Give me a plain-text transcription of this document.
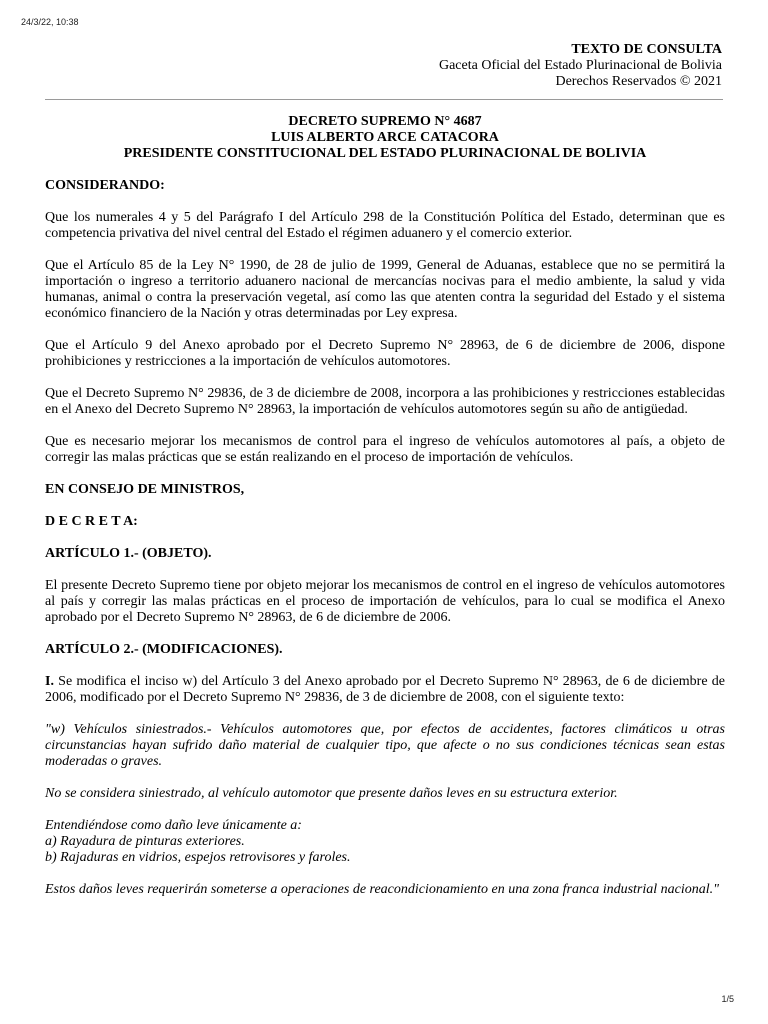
24/3/22, 10:38
TEXTO DE CONSULTA
Gaceta Oficial del Estado Plurinacional de Bolivia
Derechos Reservados © 2021
DECRETO SUPREMO N° 4687
LUIS ALBERTO ARCE CATACORA
PRESIDENTE CONSTITUCIONAL DEL ESTADO PLURINACIONAL DE BOLIVIA

CONSIDERANDO:

Que los numerales 4 y 5 del Parágrafo I del Artículo 298 de la Constitución Política del Estado, determinan que es competencia privativa del nivel central del Estado el régimen aduanero y el comercio exterior.

Que el Artículo 85 de la Ley N° 1990, de 28 de julio de 1999, General de Aduanas, establece que no se permitirá la importación o ingreso a territorio aduanero nacional de mercancías nocivas para el medio ambiente, la salud y vida humanas, animal o contra la preservación vegetal, así como las que atenten contra la seguridad del Estado y el sistema económico financiero de la Nación y otras determinadas por Ley expresa.

Que el Artículo 9 del Anexo aprobado por el Decreto Supremo N° 28963, de 6 de diciembre de 2006, dispone prohibiciones y restricciones a la importación de vehículos automotores.

Que el Decreto Supremo N° 29836, de 3 de diciembre de 2008, incorpora a las prohibiciones y restricciones establecidas en el Anexo del Decreto Supremo N° 28963, la importación de vehículos automotores según su año de antigüedad.

Que es necesario mejorar los mecanismos de control para el ingreso de vehículos automotores al país, a objeto de corregir las malas prácticas que se están realizando en el proceso de importación de vehículos.

EN CONSEJO DE MINISTROS,

D E C R E T A:

ARTÍCULO 1.- (OBJETO).

El presente Decreto Supremo tiene por objeto mejorar los mecanismos de control en el ingreso de vehículos automotores al país y corregir las malas prácticas en el proceso de importación de vehículos, para lo cual se modifica el Anexo aprobado por el Decreto Supremo N° 28963, de 6 de diciembre de 2006.

ARTÍCULO 2.- (MODIFICACIONES).

I. Se modifica el inciso w) del Artículo 3 del Anexo aprobado por el Decreto Supremo N° 28963, de 6 de diciembre de 2006, modificado por el Decreto Supremo N° 29836, de 3 de diciembre de 2008, con el siguiente texto:

"w) Vehículos siniestrados.- Vehículos automotores que, por efectos de accidentes, factores climáticos u otras circunstancias hayan sufrido daño material de cualquier tipo, que afecte o no sus condiciones técnicas sean estas moderadas o graves.

No se considera siniestrado, al vehículo automotor que presente daños leves en su estructura exterior.

Entendiéndose como daño leve únicamente a:

a) Rayadura de pinturas exteriores.

b) Rajaduras en vidrios, espejos retrovisores y faroles.

Estos daños leves requerirán someterse a operaciones de reacondicionamiento en una zona franca industrial nacional."

1/5
